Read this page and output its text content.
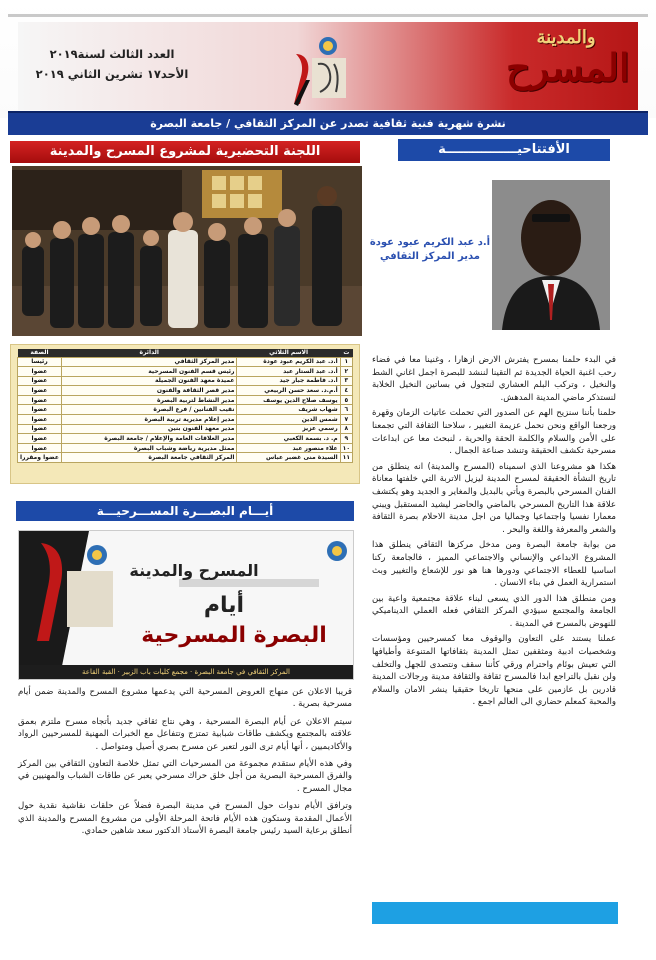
والمدينة
المسرح
العدد الثالث لسنة٢٠١٩
الأحد١٧ تشرين الثاني ٢٠١٩
نشرة شهرية فنية ثقافية تصدر عن المركز الثقافي / جامعة البصرة
اللجنة التحضيرية لمشروع المسرح والمدينة	الأفتتاحيــــــــــــــــة
ت	الاسم الثلاثي	الدائرة	الصفة
١	أ.د. عبد الكريم عبود عودة	مدير المركز الثقافي	رئيسا
٢	أ.د. عبد الستار عبد	رئيس قسم الفنون المسرحية	عضوا
٣	أ.د. فاطمة جبار جيد	عميدة معهد الفنون الجميلة	عضوا
٤	أ.م.د. سعد حسن الربيعي	مدير قصر الثقافة والفنون	عضوا
٥	يوسف صلاح الدين يوسف	مدير النشاط لتربية البصرة	عضوا
٦	شهاب شريف	نقيب الفنانين / فرع البصرة	عضوا
٧	شمس الدين	مدير إعلام مديرية تربية البصرة	عضوا
٨	رسمي عزيز	مدير معهد الفنون بنين	عضوا
٩	م. د. بسمة الكعبي	مدير العلاقات العامة والإعلام / جامعة البصرة	عضوا
١٠	علاء منصور عبد	ممثل مديرية رياضة وشباب البصرة	عضوا
١١	السيدة منى غضبر عباس	المركز الثقافي جامعة البصرة	عضوا ومقررا
أيـــام البصـــرة المســـرحيـــة
المسرح والمدينة
أيام
البصرة المسرحية
المركز الثقافي في جامعة البصرة · مجمع كليات باب الزبير · القبة القاعة

قريبا الاعلان عن منهاج العروض المسرحية التي يدعمها مشروع المسرح والمدينة ضمن أيام مسرحية بصرية .

سيتم الاعلان عن أيام البصرة المسرحية ، وهي نتاج ثقافي جديد بأتجاه مسرح ملتزم بعمق علاقته بالمجتمع ويكشف طاقات شبابية تمتزج وتتفاعل مع الخبرات المهنية للمسرحيين الرواد والأكاديميين ، أنها أيام ترى النور لتعبر عن مسرح بصري أصيل ومتواصل .

وفي هذه الأيام ستقدم مجموعة من المسرحيات التي تمثل خلاصة التعاون الثقافي بين المركز والفرق المسرحية البصرية من أجل خلق حراك مسرحي يعبر عن طاقات الشباب والمهنيين في مجال المسرح .

وترافق الأيام ندوات حول المسرح في مدينة البصرة فضلاً عن حلقات نقاشية نقدية حول الأعمال المقدمة وستكون هذه الأيام فاتحة المرحلة الأولى من مشروع المسرح والمدينة الذي أنطلق برعاية السيد رئيس جامعة البصرة الأستاذ الدكتور سعد شاهين حمادي.

أ.د عبد الكريم عبود عودة
مدير المركز الثقافي

في البدء حلمنا بمسرح يفترش الارض ازهارا ، وغنينا معا في فضاء رحب اغنية الحياة الجديدة ثم التقينا لننشد للبصرة اجمل اغاني الشط والنخيل ، وتركب البلم العشاري لنتجول في بساتين النخيل الخلابة لنستذكر ماضي المدينة المدهش.

حلمنا بأننا سنزيح الهم عن الصدور التي تحملت عاتيات الزمان وقهرة ورجعنا الواقع ونحن نحمل عزيمة التغيير ، سلاحنا الثقافة التي تجمعنا على الأمن والسلام والكلمة الحقة والحرية ، لنبحث معا عن ابداعات مسرحية تكشف الحقيقة وتنشد صناعة الجمال .

هكذا هو مشروعنا الذي اسميناه (المسرح والمدينة) انه ينطلق من تاريخ النشأة الحقيقة لمسرح المدينة ليزيل الاتربة التي خلفتها معاناة الفنان المسرحي بالبصرة ويأتي بالبديل والمغاير و الجديد وهو يكتشف علاقة هذا التاريخ المسرحي بالماضي والحاضر ليشيد المستقبل ويبني معمارا نفسيا واجتماعيا وجماليا من اجل مدينة الاحلام بصرة الثقافة والشعر والمعرفة واللغة والبحر .

من بوابة جامعة البصرة ومن مدخل مركزها الثقافي ينطلق هذا المشروع الابداعي والإنساني والاجتماعي المميز ، فالجامعة ركنا اساسيا للعطاء الاجتماعي ودورها هنا هو نور للإشعاع والتغيير وبث استمرارية العمل في بناء الانسان .

ومن منطلق هذا الدور الذي يسعى لبناء علاقة مجتمعية واعية بين الجامعة والمجتمع سيؤدي المركز الثقافي فعله العملي الديناميكي للنهوض بالمسرح في المدينة .

عملنا يستند على التعاون والوقوف معا كمسرحيين ومؤسسات وشخصيات ادبية ومثقفين تمثل المدينة بثقافاتها المتنوعة وأطيافها التي تعيش بوئام واحترام ورقي كأننا سقف ونتصدى للجهل والتخلف ولن نقبل بالتراجع ابدا فالمسرح ثقافة والثقافة مدينة ورجالات المدينة قادرين بل عازمين على منحها تاريخا حقيقيا ينشر الامان والسلام والمحبة كمعلم حضاري الى العالم اجمع .
